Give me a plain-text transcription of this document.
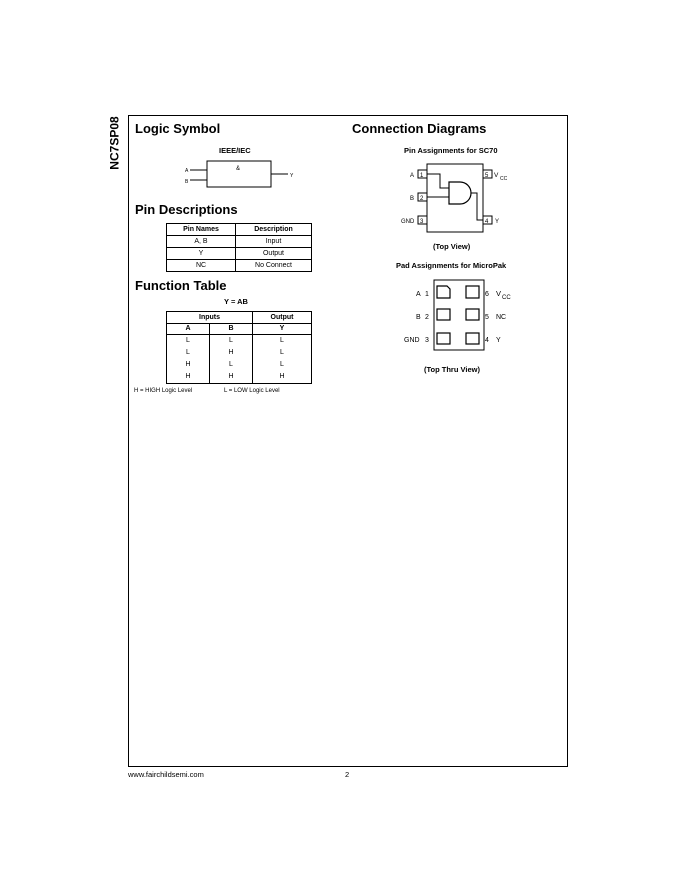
NC7SP08 Logic Symbol
IEEE/IEC
&
A
B
Y
Pin Descriptions
Pin Names	Description
A, B	Input
Y	Output
NC	No Connect
Function Table
Y = AB
Inputs		Output
A	B	Y
L	L	L
L	H	L
H	L	L
H	H	H
H = HIGH Logic Level	L = LOW Logic Level
Connection Diagrams
Pin Assignments for SC70
1
2
3
5
4
A
B
GND
V CC
Y
(Top View)
Pad Assignments for MicroPak
A 1
B 2
GND 3
6 V CC
5 NC
4 Y
(Top Thru View)
www.fairchildsemi.com	2
